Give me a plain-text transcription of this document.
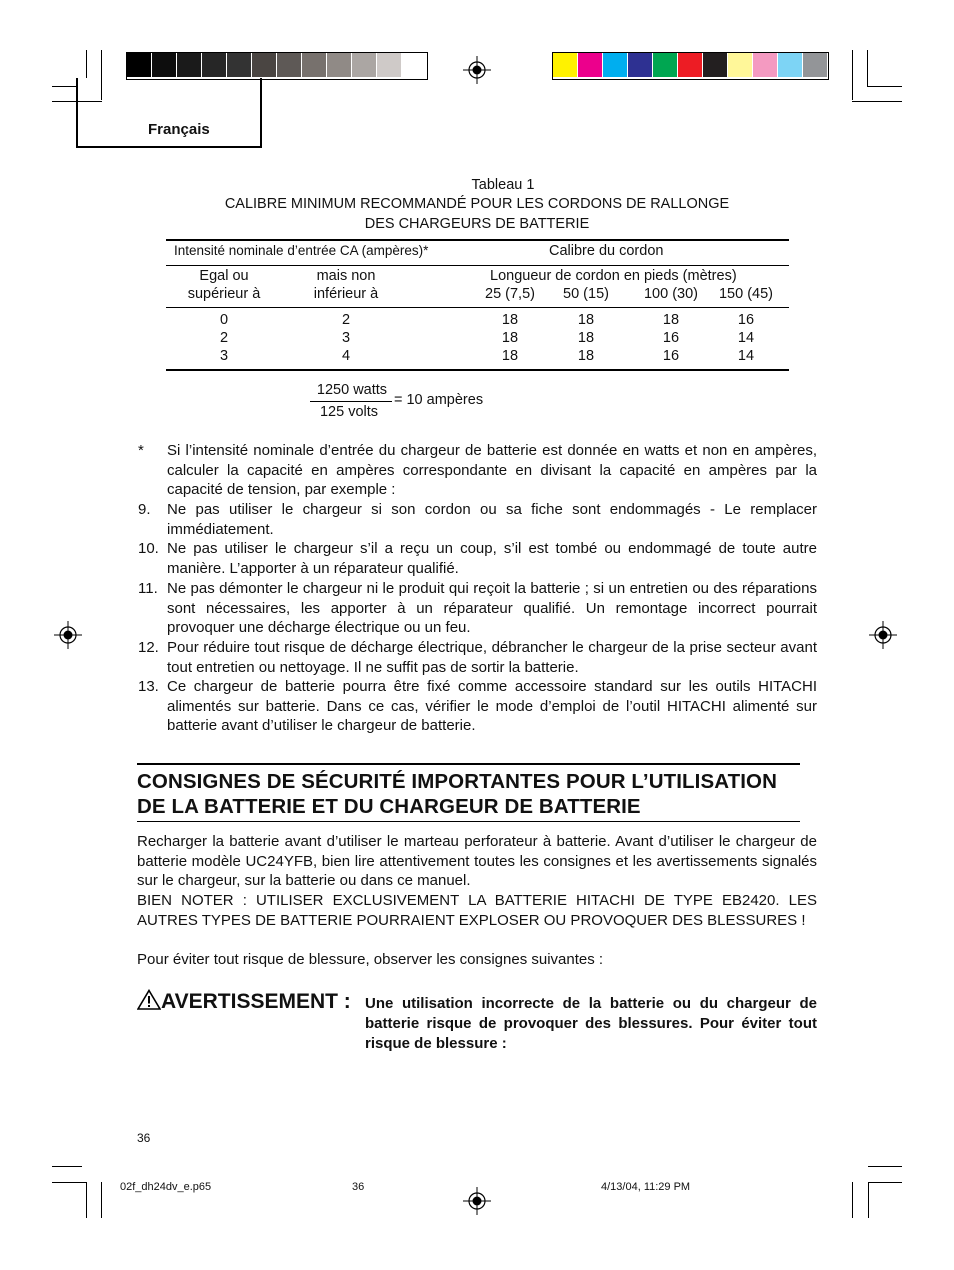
Français
Tableau 1
CALIBRE MINIMUM RECOMMANDÉ POUR LES CORDONS DE RALLONGE
DES CHARGEURS DE BATTERIE
Intensité nominale d’entrée CA (ampères)*	Calibre du cordon
Egal ou
supérieur à
mais non
inférieur à
Longueur de cordon en pieds (mètres)
25 (7,5)	50 (15)	100 (30)	150 (45)
0	2	18	18	18	16
2	3	18	18	16	14
3	4	18	18	16	14
1250 watts
125 volts
= 10 ampères
* Si l’intensité nominale d’entrée du chargeur de batterie est donnée en watts et non en ampères, calculer la capacité en ampères correspondante en divisant la capacité en ampères par la capacité de tension, par exemple :
9. Ne pas utiliser le chargeur si son cordon ou sa fiche sont endommagés - Le remplacer immédiatement.
10. Ne pas utiliser le chargeur s’il a reçu un coup, s’il est tombé ou endommagé de toute autre manière. L’apporter à un réparateur qualifié.
11. Ne pas démonter le chargeur ni le produit qui reçoit la batterie ; si un entretien ou des réparations sont nécessaires, les apporter à un réparateur qualifié. Un remontage incorrect pourrait provoquer une décharge électrique ou un feu.
12. Pour réduire tout risque de décharge électrique, débrancher le chargeur de la prise secteur avant tout entretien ou nettoyage. Il ne suffit pas de sortir la batterie.
13. Ce chargeur de batterie pourra être fixé comme accessoire standard sur les outils HITACHI alimentés sur batterie. Dans ce cas, vérifier le mode d’emploi de l’outil HITACHI alimenté sur batterie avant d’utiliser le chargeur de batterie.
CONSIGNES DE SÉCURITÉ IMPORTANTES POUR L’UTILISATION
DE LA BATTERIE ET DU CHARGEUR DE BATTERIE
Recharger la batterie avant d’utiliser le marteau perforateur à batterie. Avant d’utiliser le chargeur de batterie modèle UC24YFB, bien lire attentivement toutes les consignes et les avertissements signalés sur le chargeur, sur la batterie ou dans ce manuel.
BIEN NOTER : UTILISER EXCLUSIVEMENT LA BATTERIE HITACHI DE TYPE EB2420. LES AUTRES TYPES DE BATTERIE POURRAIENT EXPLOSER OU PROVOQUER DES BLESSURES !
Pour éviter tout risque de blessure, observer les consignes suivantes :
AVERTISSEMENT : Une utilisation incorrecte de la batterie ou du chargeur de batterie risque de provoquer des blessures. Pour éviter tout risque de blessure :
36
02f_dh24dv_e.p65	36	4/13/04, 11:29 PM
